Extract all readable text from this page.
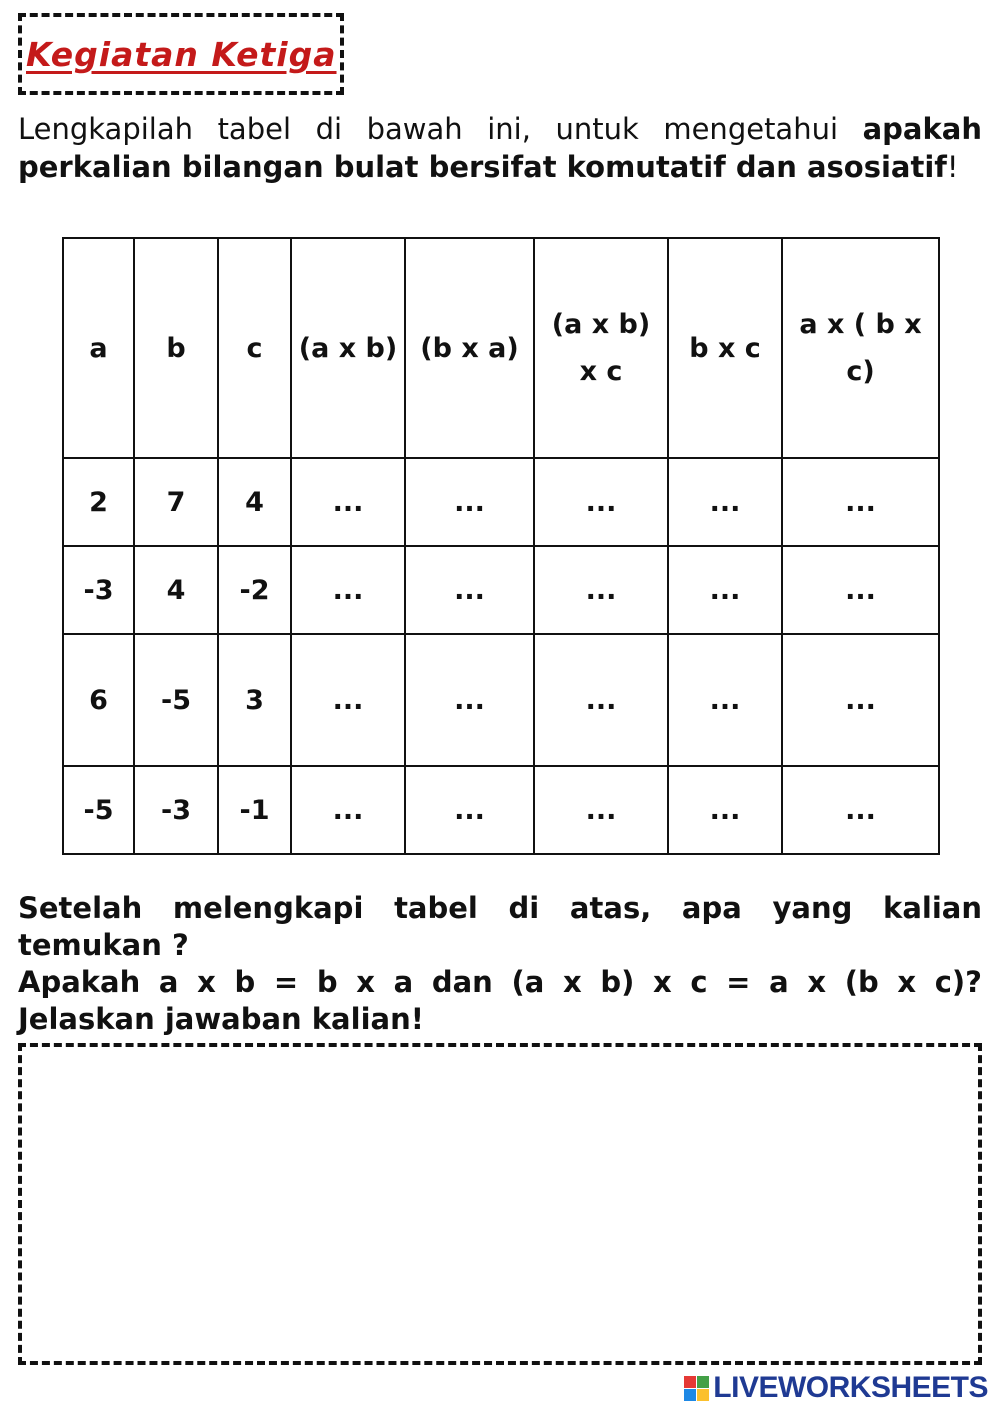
Kegiatan Ketiga
Lengkapilah tabel di bawah ini, untuk mengetahui apakah perkalian bilangan bulat bersifat komutatif dan asosiatif!
a	b	c	(a x b)	(b x a)	(a x b) x c	b x c	a x ( b x c)
2	7	4	...	...	...	...	...
-3	4	-2	...	...	...	...	...
6	-5	3	...	...	...	...	...
-5	-3	-1	...	...	...	...	...
Setelah melengkapi tabel di atas, apa yang kalian
temukan ?
Apakah a x b = b x a dan (a x b) x c = a x (b x c)?
Jelaskan jawaban kalian!
LIVEWORKSHEETS
